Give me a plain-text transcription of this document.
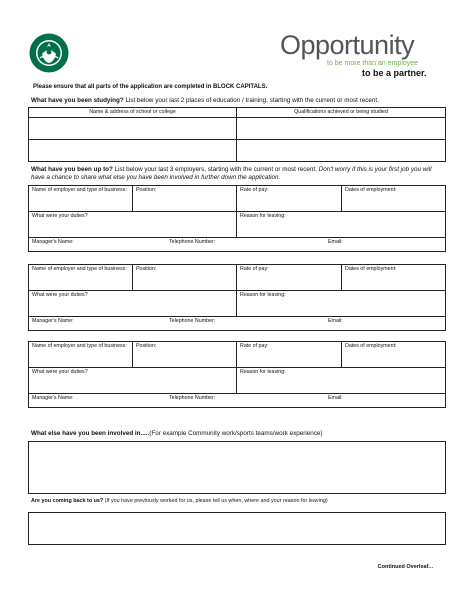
Opportunity
to be more than an employee
to be a partner.
Please ensure that all parts of the application are completed in BLOCK CAPITALS.
What have you been studying? List below your last 2 places of education / training, starting with the current or most recent.
Name & address of school or college	Qualifications achieved or being studied

What have you been up to? List below your last 3 employers, starting with the current or most recent. Don't worry if this is your first job you will have a chance to share what else you have been involved in further down the application.
Name of employer and type of business:	Position:	Rate of pay:	Dates of employment:

What were your duties?		Reason for leaving:	

Manager's Name: Telephone Number: Email:			
Name of employer and type of business:	Position:	Rate of pay:	Dates of employment:

What were your duties?		Reason for leaving:	

Manager's Name: Telephone Number: Email:			
Name of employer and type of business:	Position:	Rate of pay:	Dates of employment:

What were your duties?		Reason for leaving:	

Manager's Name: Telephone Number: Email:			
What else have you been involved in.....(For example Community work/sports teams/work experience)
Are you coming back to us? (If you have previously worked for us, please tell us when, where and your reason for leaving)
Continued Overleaf...
